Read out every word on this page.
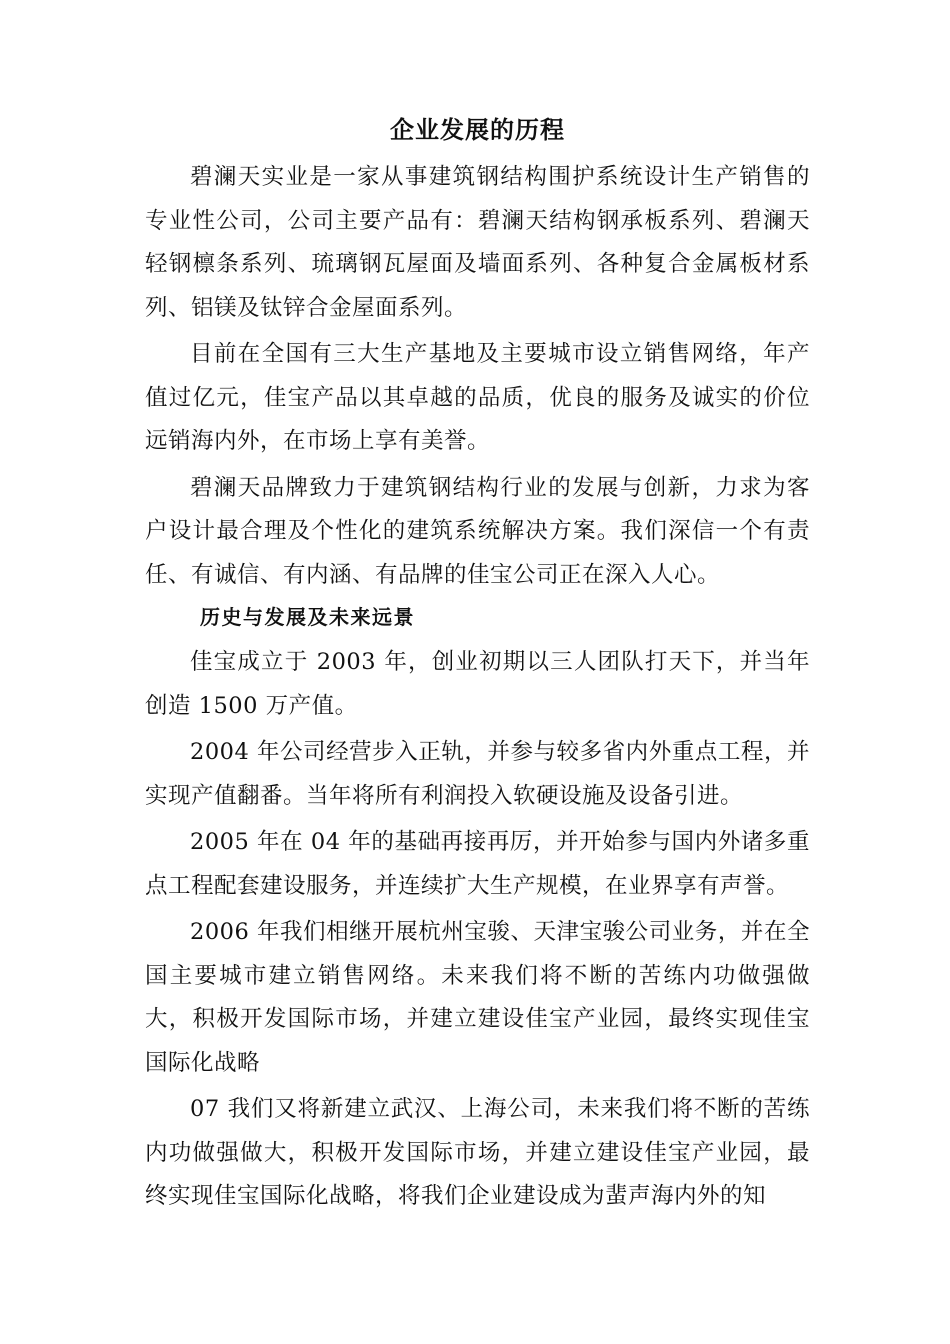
企业发展的历程

碧澜天实业是一家从事建筑钢结构围护系统设计生产销售的专业性公司，公司主要产品有：碧澜天结构钢承板系列、碧澜天轻钢檩条系列、琉璃钢瓦屋面及墙面系列、各种复合金属板材系列、铝镁及钛锌合金屋面系列。

目前在全国有三大生产基地及主要城市设立销售网络，年产值过亿元，佳宝产品以其卓越的品质，优良的服务及诚实的价位远销海内外，在市场上享有美誉。

碧澜天品牌致力于建筑钢结构行业的发展与创新，力求为客户设计最合理及个性化的建筑系统解决方案。我们深信一个有责任、有诚信、有内涵、有品牌的佳宝公司正在深入人心。

历史与发展及未来远景

佳宝成立于 2003 年，创业初期以三人团队打天下，并当年创造 1500 万产值。

2004 年公司经营步入正轨，并参与较多省内外重点工程，并实现产值翻番。当年将所有利润投入软硬设施及设备引进。

2005 年在 04 年的基础再接再厉，并开始参与国内外诸多重点工程配套建设服务，并连续扩大生产规模，在业界享有声誉。

2006 年我们相继开展杭州宝骏、天津宝骏公司业务，并在全国主要城市建立销售网络。未来我们将不断的苦练内功做强做大，积极开发国际市场，并建立建设佳宝产业园，最终实现佳宝国际化战略

07 我们又将新建立武汉、上海公司，未来我们将不断的苦练内功做强做大，积极开发国际市场，并建立建设佳宝产业园，最终实现佳宝国际化战略，将我们企业建设成为蜚声海内外的知
